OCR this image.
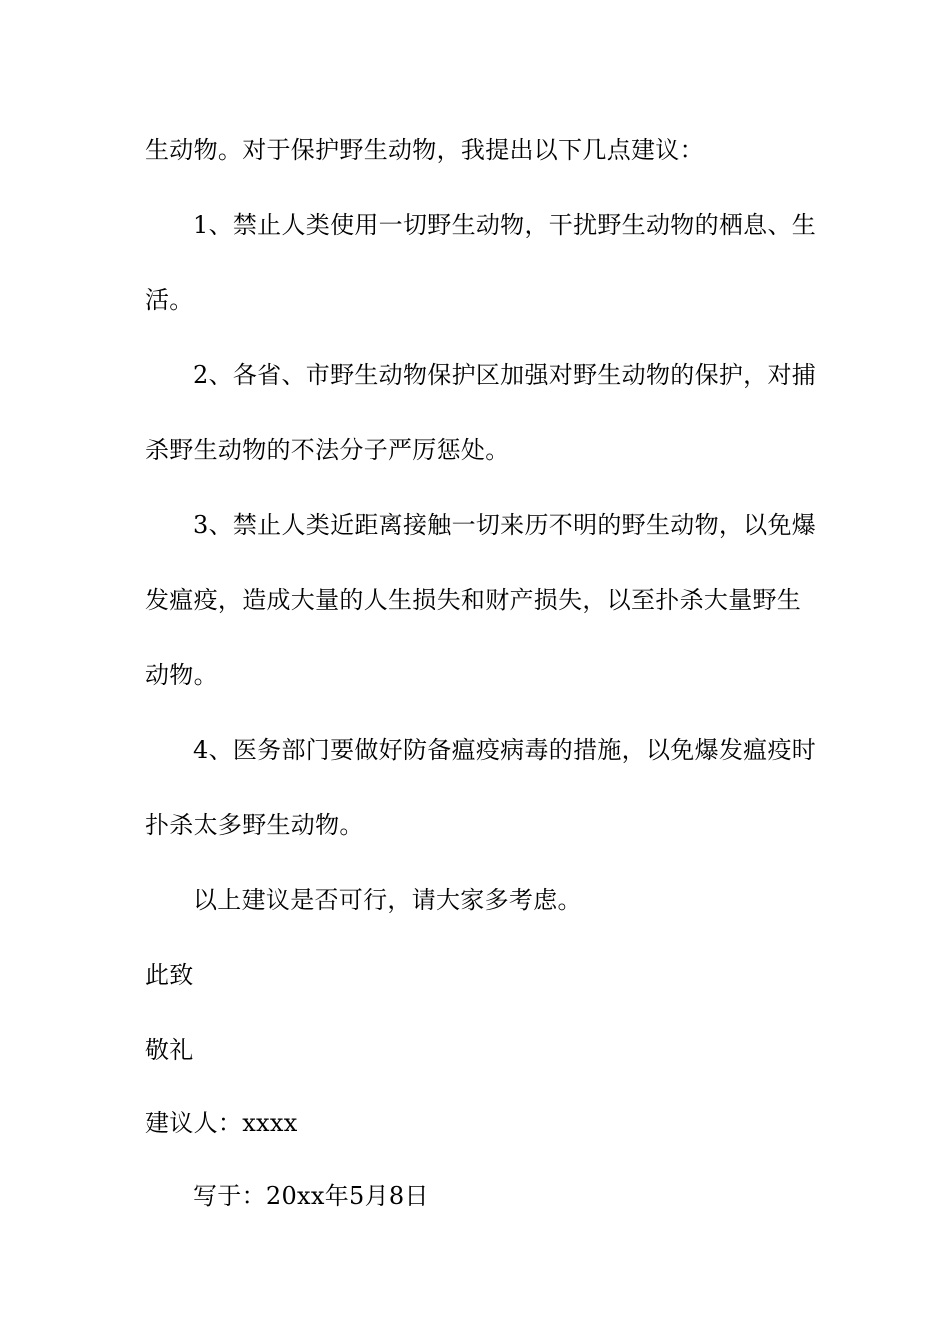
生动物。对于保护野生动物，我提出以下几点建议：
1、禁止人类使用一切野生动物，干扰野生动物的栖息、生
活。
2、各省、市野生动物保护区加强对野生动物的保护，对捕
杀野生动物的不法分子严厉惩处。
3、禁止人类近距离接触一切来历不明的野生动物，以免爆
发瘟疫，造成大量的人生损失和财产损失，以至扑杀大量野生
动物。
4、医务部门要做好防备瘟疫病毒的措施，以免爆发瘟疫时
扑杀太多野生动物。
以上建议是否可行，请大家多考虑。
此致
敬礼
建议人：xxxx
写于：20xx年5月8日
